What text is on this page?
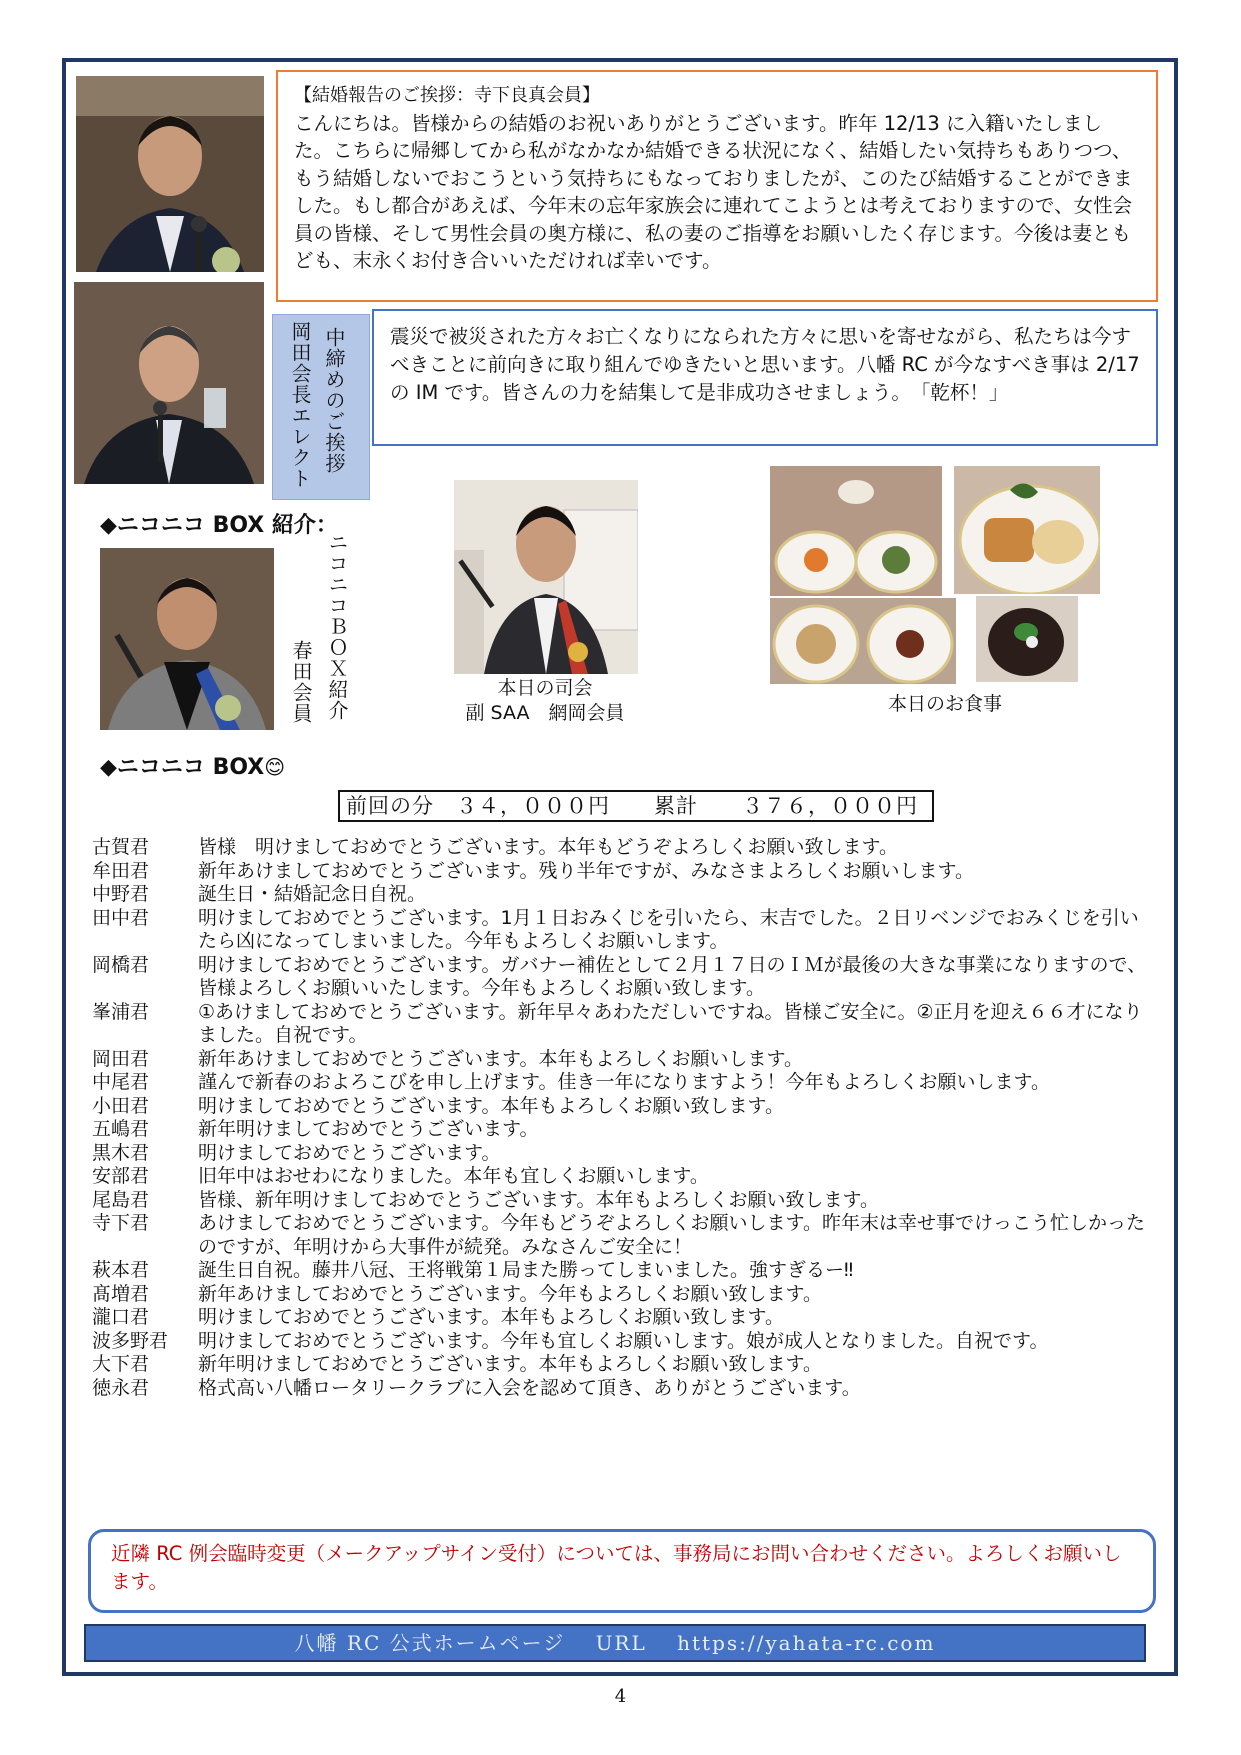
【結婚報告のご挨拶：寺下良真会員】
こんにちは。皆様からの結婚のお祝いありがとうございます。昨年 12/13 に入籍いたしました。こちらに帰郷してから私がなかなか結婚できる状況になく、結婚したい気持ちもありつつ、もう結婚しないでおこうという気持ちにもなっておりましたが、このたび結婚することができました。もし都合があえば、今年末の忘年家族会に連れてこようとは考えておりますので、女性会員の皆様、そして男性会員の奥方様に、私の妻のご指導をお願いしたく存じます。今後は妻ともども、末永くお付き合いいただければ幸いです。
中締めのご挨拶
岡田会長エレクト	震災で被災された方々お亡くなりになられた方々に思いを寄せながら、私たちは今すべきことに前向きに取り組んでゆきたいと思います。八幡 RC が今なすべき事は 2/17 の IM です。皆さんの力を結集して是非成功させましょう。　「乾杯！」
◆ニコニコ BOX 紹介：
ニコニコＢＯＸ紹介
春田会員	本日の司会
副 SAA　網岡会員	本日のお食事
◆ニコニコ BOX😊
前回の分　３４，０００円　　累計　　３７６，０００円
古賀君	皆様　明けましておめでとうございます。本年もどうぞよろしくお願い致します。
牟田君	新年あけましておめでとうございます。残り半年ですが、みなさまよろしくお願いします。
中野君	誕生日・結婚記念日自祝。
田中君	明けましておめでとうございます。1月１日おみくじを引いたら、末吉でした。２日リベンジでおみくじを引いたら凶になってしまいました。今年もよろしくお願いします。
岡橋君	明けましておめでとうございます。ガバナー補佐として２月１７日のＩＭが最後の大きな事業になりますので、皆様よろしくお願いいたします。今年もよろしくお願い致します。
峯浦君	①あけましておめでとうございます。新年早々あわただしいですね。皆様ご安全に。②正月を迎え６６才になりました。自祝です。
岡田君	新年あけましておめでとうございます。本年もよろしくお願いします。
中尾君	謹んで新春のおよろこびを申し上げます。佳き一年になりますよう！今年もよろしくお願いします。
小田君	明けましておめでとうございます。本年もよろしくお願い致します。
五嶋君	新年明けましておめでとうございます。
黒木君	明けましておめでとうございます。
安部君	旧年中はおせわになりました。本年も宜しくお願いします。
尾島君	皆様、新年明けましておめでとうございます。本年もよろしくお願い致します。
寺下君	あけましておめでとうございます。今年もどうぞよろしくお願いします。昨年末は幸せ事でけっこう忙しかったのですが、年明けから大事件が続発。みなさんご安全に！
萩本君	誕生日自祝。藤井八冠、王将戦第１局また勝ってしまいました。強すぎるー‼
髙増君	新年あけましておめでとうございます。今年もよろしくお願い致します。
瀧口君	明けましておめでとうございます。本年もよろしくお願い致します。
波多野君	明けましておめでとうございます。今年も宜しくお願いします。娘が成人となりました。自祝です。
大下君	新年明けましておめでとうございます。本年もよろしくお願い致します。
徳永君	格式高い八幡ロータリークラブに入会を認めて頂き、ありがとうございます。
近隣 RC 例会臨時変更（メークアップサイン受付）については、事務局にお問い合わせください。よろしくお願いします。
八幡 RC 公式ホームページ　 URL　 https://yahata-rc.com
4
